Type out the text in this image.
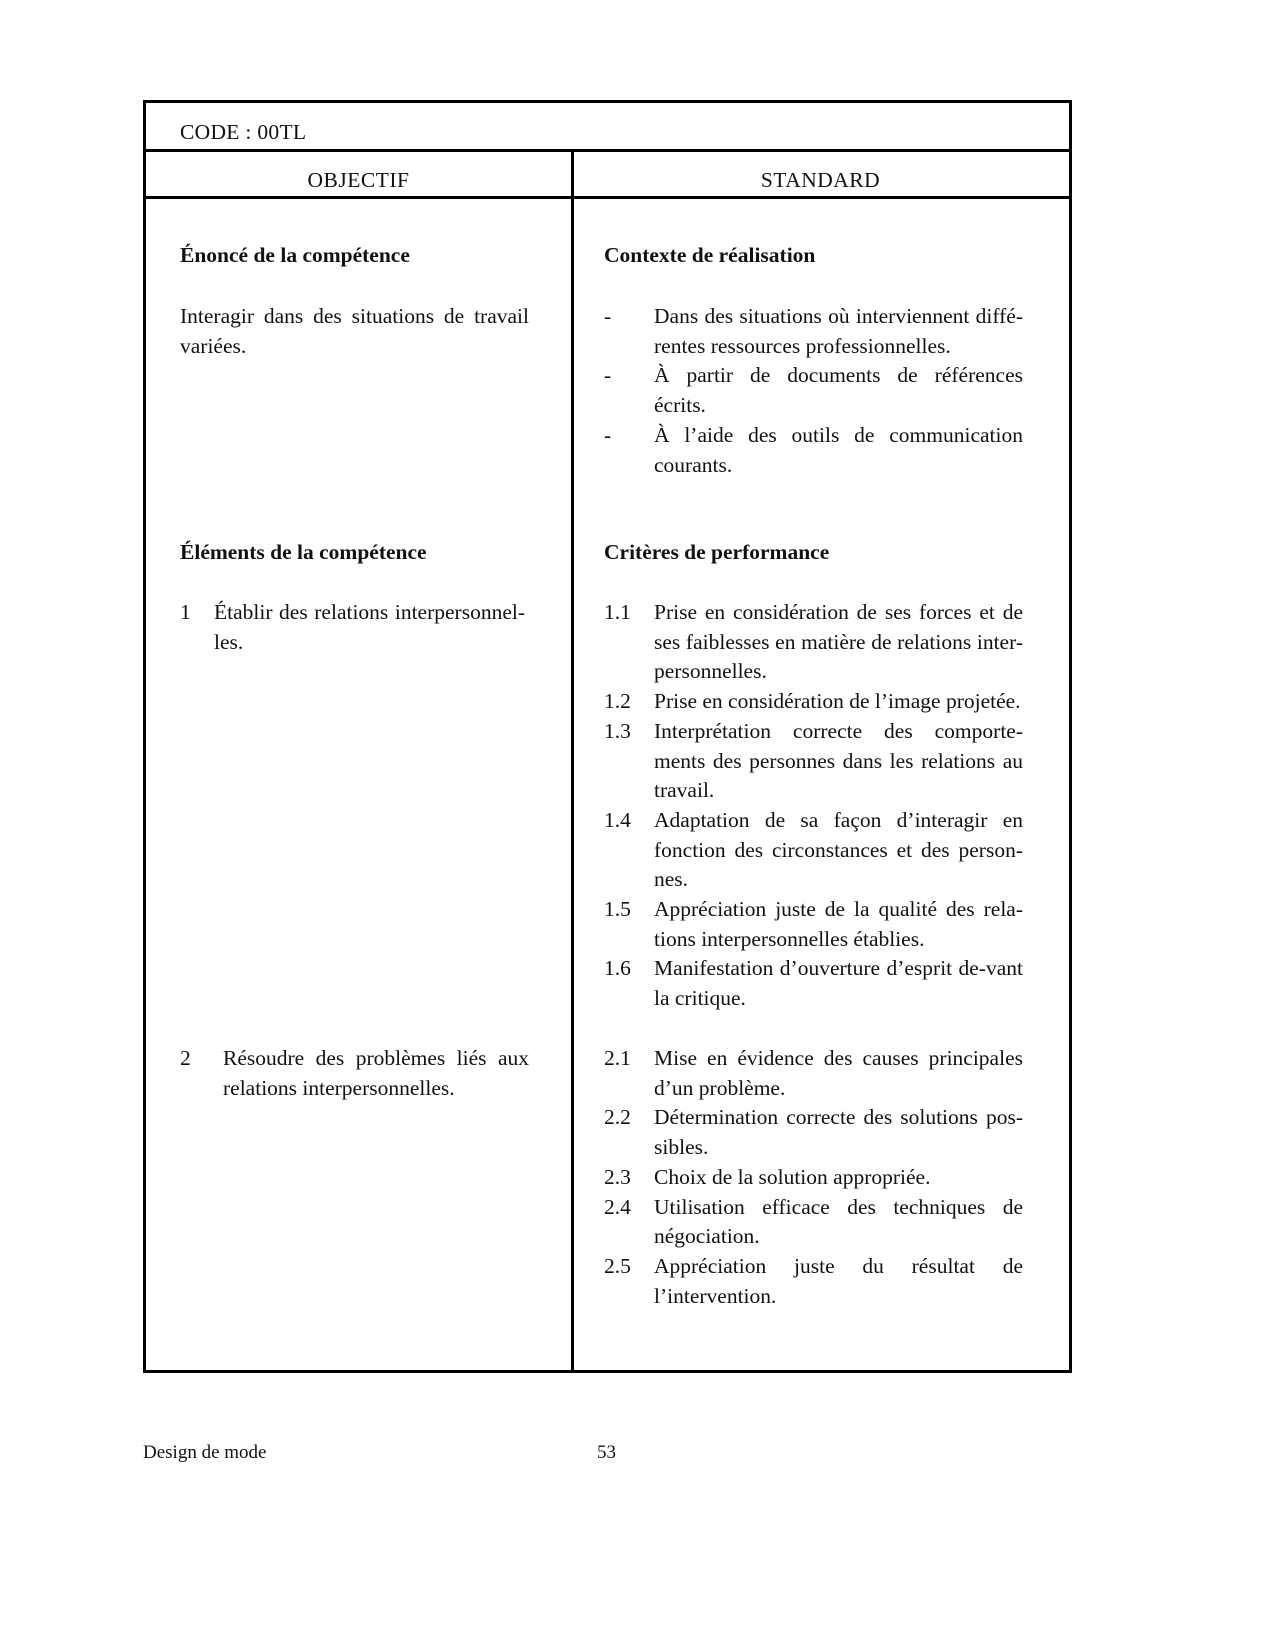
CODE : 00TL
OBJECTIF	STANDARD
Énoncé de la compétence
Interagir dans des situations de travail
variées.
Éléments de la compétence
1 Établir des relations interpersonnel-
les.
2 Résoudre des problèmes liés aux
relations interpersonnelles.
Contexte de réalisation
- Dans des situations où interviennent diffé-
rentes ressources professionnelles.
- À partir de documents de références
écrits.
- À l’aide des outils de communication
courants.
Critères de performance
1.1 Prise en considération de ses forces et de
ses faiblesses en matière de relations inter-
personnelles.
1.2 Prise en considération de l’image projetée.
1.3 Interprétation correcte des comporte-
ments des personnes dans les relations au
travail.
1.4 Adaptation de sa façon d’interagir en
fonction des circonstances et des person-
nes.
1.5 Appréciation juste de la qualité des rela-
tions interpersonnelles établies.
1.6 Manifestation d’ouverture d’esprit de-vant
la critique.
2.1 Mise en évidence des causes principales
d’un problème.
2.2 Détermination correcte des solutions pos-
sibles.
2.3 Choix de la solution appropriée.
2.4 Utilisation efficace des techniques de
négociation.
2.5 Appréciation juste du résultat de
l’intervention.
Design de mode	53
